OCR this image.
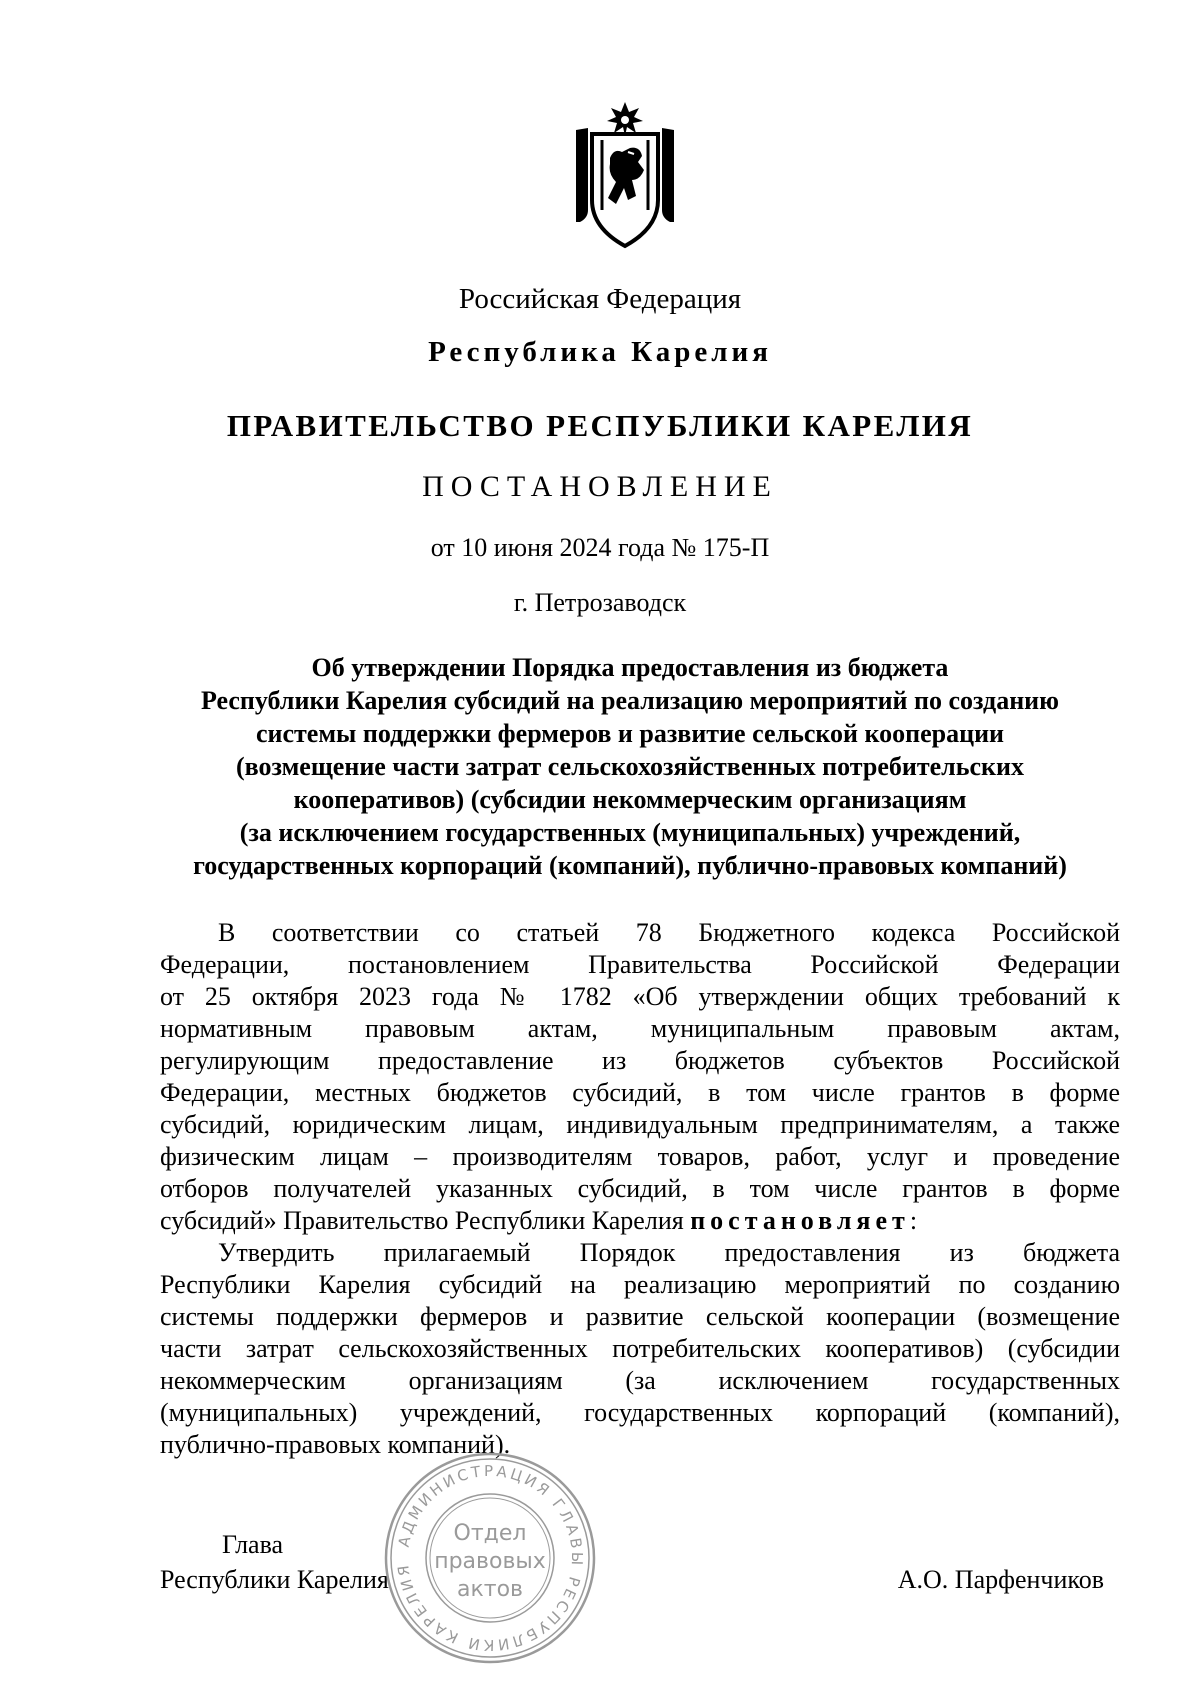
Российская Федерация
Республика Карелия
ПРАВИТЕЛЬСТВО РЕСПУБЛИКИ КАРЕЛИЯ
ПОСТАНОВЛЕНИЕ
от 10 июня 2024 года № 175-П
г. Петрозаводск
Об утверждении Порядка предоставления из бюджета
Республики Карелия субсидий на реализацию мероприятий по созданию
системы поддержки фермеров и развитие сельской кооперации
(возмещение части затрат сельскохозяйственных потребительских
кооперативов) (субсидии некоммерческим организациям
(за исключением государственных (муниципальных) учреждений,
государственных корпораций (компаний), публично-правовых компаний)
В соответствии со статьей 78 Бюджетного кодекса Российской
Федерации, постановлением Правительства Российской Федерации
от 25 октября 2023 года № 1782 «Об утверждении общих требований к
нормативным правовым актам, муниципальным правовым актам,
регулирующим предоставление из бюджетов субъектов Российской
Федерации, местных бюджетов субсидий, в том числе грантов в форме
субсидий, юридическим лицам, индивидуальным предпринимателям, а также
физическим лицам – производителям товаров, работ, услуг и проведение
отборов получателей указанных субсидий, в том числе грантов в форме
субсидий» Правительство Республики Карелия постановляет:
Утвердить прилагаемый Порядок предоставления из бюджета
Республики Карелия субсидий на реализацию мероприятий по созданию
системы поддержки фермеров и развитие сельской кооперации (возмещение
части затрат сельскохозяйственных потребительских кооперативов) (субсидии
некоммерческим организациям (за исключением государственных
(муниципальных) учреждений, государственных корпораций (компаний),
публично-правовых компаний).
Глава
Республики Карелия	А.О. Парфенчиков
АДМИНИСТРАЦИЯ ГЛАВЫ РЕСПУБЛИКИ КАРЕЛИЯ
Отдел
правовых
актов
